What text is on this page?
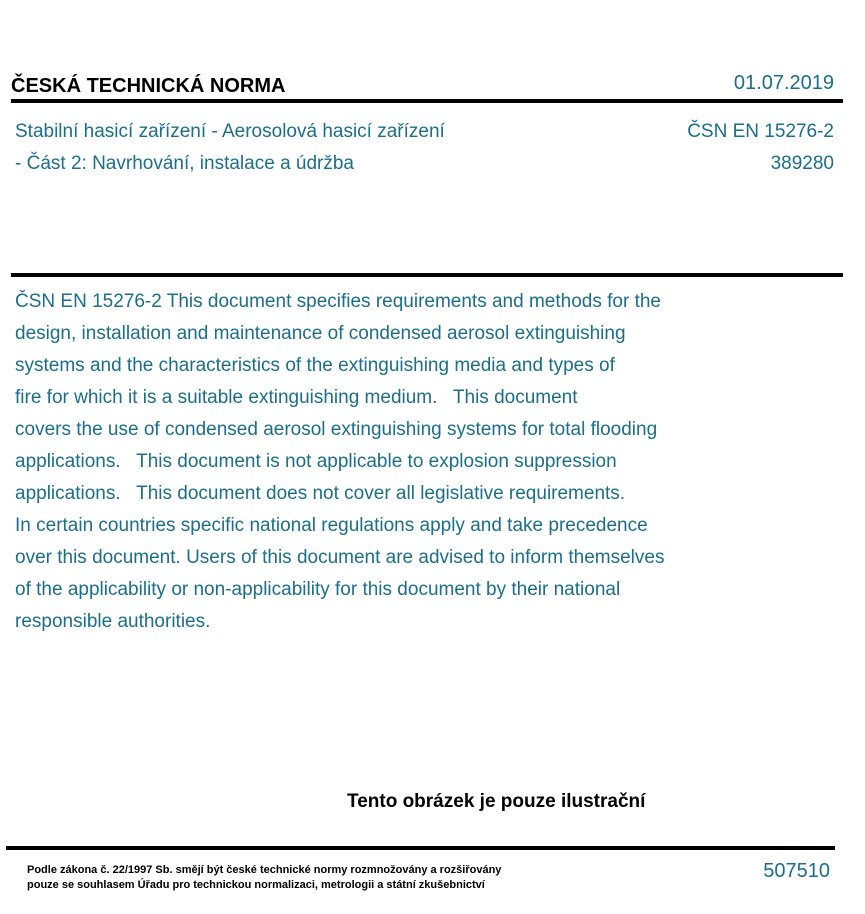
ČESKÁ TECHNICKÁ NORMA	01.07.2019
Stabilní hasicí zařízení - Aerosolová hasicí zařízení
- Část 2: Navrhování, instalace a údržba
ČSN EN 15276-2
389280
ČSN EN 15276-2 This document specifies requirements and methods for the
design, installation and maintenance of condensed aerosol extinguishing
systems and the characteristics of the extinguishing media and types of
fire for which it is a suitable extinguishing medium.   This document
covers the use of condensed aerosol extinguishing systems for total flooding
applications.   This document is not applicable to explosion suppression
applications.   This document does not cover all legislative requirements.
In certain countries specific national regulations apply and take precedence
over this document. Users of this document are advised to inform themselves
of the applicability or non-applicability for this document by their national
responsible authorities.
Tento obrázek je pouze ilustrační
Podle zákona č. 22/1997 Sb. smějí být české technické normy rozmnožovány a rozšiřovány
pouze se souhlasem Úřadu pro technickou normalizaci, metrologii a státní zkušebnictví
507510
